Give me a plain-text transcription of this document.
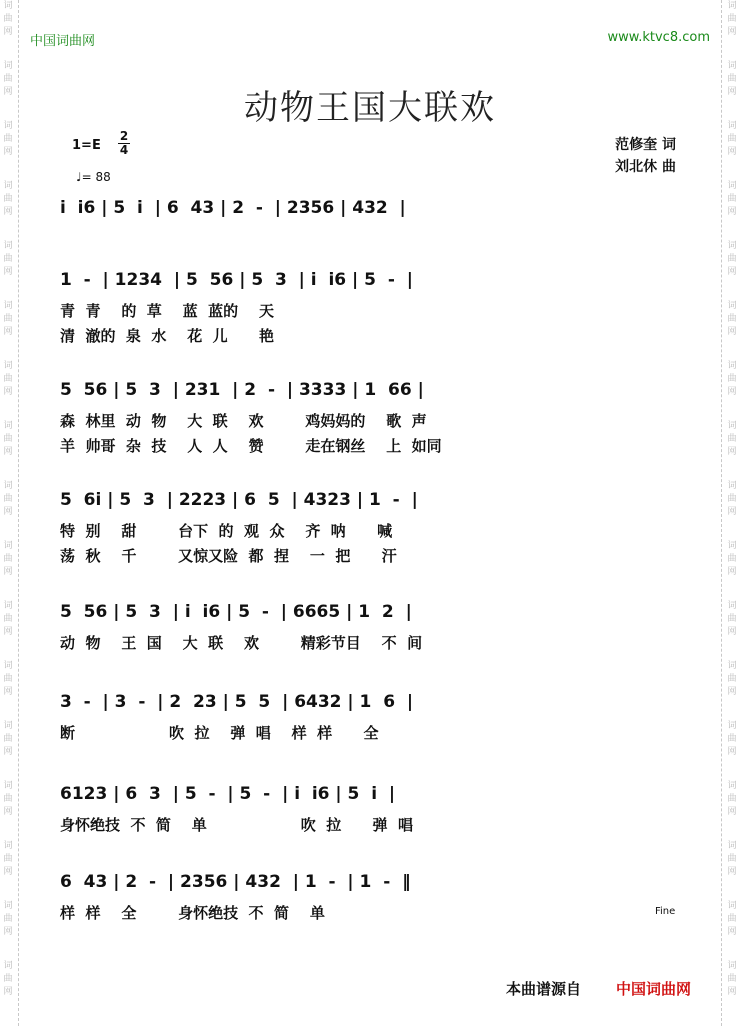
词曲网
词曲网
词曲网
词曲网
词曲网
词曲网
词曲网
词曲网
词曲网
词曲网
词曲网
词曲网
词曲网
词曲网
词曲网
词曲网
词曲网
词曲网
词曲网
词曲网
词曲网
词曲网
词曲网
词曲网
词曲网
词曲网
词曲网
词曲网
词曲网
词曲网
词曲网
词曲网
词曲网
词曲网
中国词曲网	www.ktvc8.com
动物王国大联欢
1=E
2
4
♩= 88
范修奎 词
刘北休 曲
i  i6 | 5  i  | 6  43 | 2  -  | 2356 | 432  |
1  -  | 1234  | 5  56 | 5  3  | i  i6 | 5  -  |
青  青    的  草    蓝  蓝的    天
清  澈的  泉  水    花  儿      艳
5  56 | 5  3  | 231  | 2  -  | 3333 | 1  66 |
森  林里  动  物    大  联    欢        鸡妈妈的    歌  声
羊  帅哥  杂  技    人  人    赞        走在钢丝    上  如同
5  6i | 5  3  | 2223 | 6  5  | 4323 | 1  -  |
特  别    甜        台下  的  观  众    齐  呐      喊
荡  秋    千        又惊又险  都  捏    一  把      汗
5  56 | 5  3  | i  i6 | 5  -  | 6665 | 1  2  |
动  物    王  国    大  联    欢        精彩节目    不  间
3  -  | 3  -  | 2  23 | 5  5  | 6432 | 1  6  |
断                  吹  拉    弹  唱    样  样      全
6123 | 6  3  | 5  -  | 5  -  | i  i6 | 5  i  |
身怀绝技  不  简    单                  吹  拉      弹  唱
6  43 | 2  -  | 2356 | 432  | 1  -  | 1  -  ‖
样  样    全        身怀绝技  不  简    单	Fine
本曲谱源自 中国词曲网
